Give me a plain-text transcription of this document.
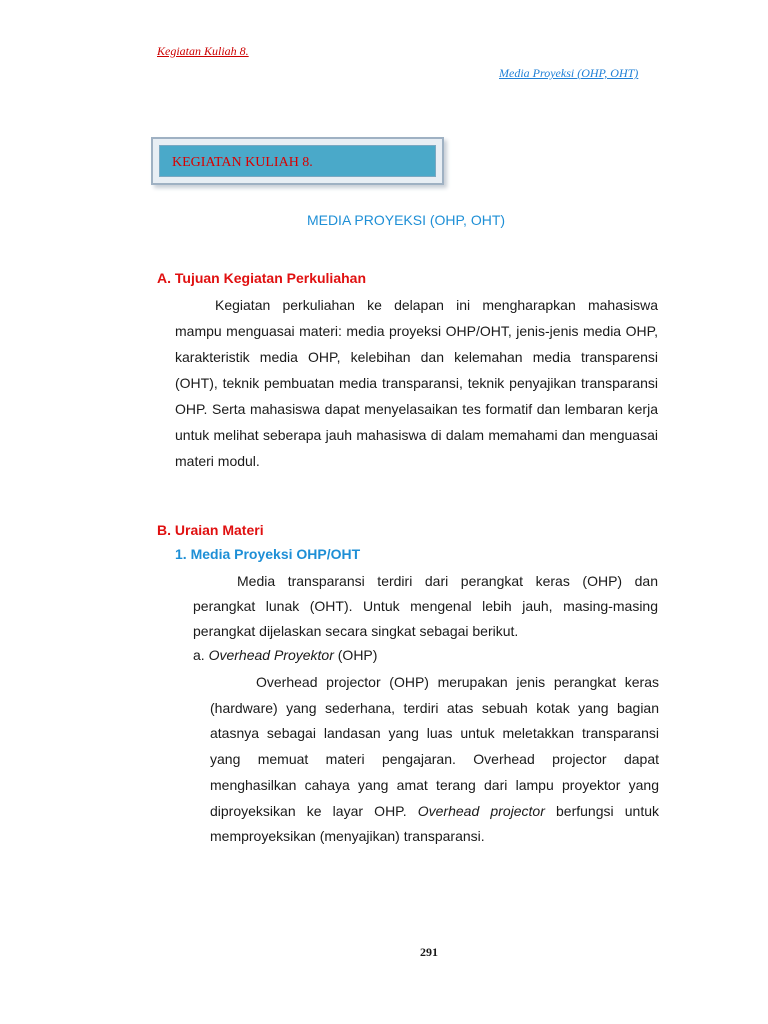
Kegiatan Kuliah 8.
Media Proyeksi (OHP, OHT)
KEGIATAN KULIAH 8.
MEDIA PROYEKSI (OHP, OHT)
A. Tujuan Kegiatan Perkuliahan

Kegiatan perkuliahan ke delapan ini mengharapkan mahasiswa mampu menguasai materi: media proyeksi OHP/OHT, jenis-jenis media OHP, karakteristik media OHP, kelebihan dan kelemahan media transparensi (OHT), teknik pembuatan media transparansi, teknik penyajikan transparansi OHP. Serta mahasiswa dapat menyelasaikan tes formatif dan lembaran kerja untuk melihat seberapa jauh mahasiswa di dalam memahami dan menguasai materi modul.

B. Uraian Materi
1. Media Proyeksi OHP/OHT

Media transparansi terdiri dari perangkat keras (OHP) dan perangkat lunak (OHT). Untuk mengenal lebih jauh, masing-masing perangkat dijelaskan secara singkat sebagai berikut.

a. Overhead Proyektor (OHP)

Overhead projector (OHP) merupakan jenis perangkat keras (hardware) yang sederhana, terdiri atas sebuah kotak yang bagian atasnya sebagai landasan yang luas untuk meletakkan transparansi yang memuat materi pengajaran. Overhead projector dapat menghasilkan cahaya yang amat terang dari lampu proyektor yang diproyeksikan ke layar OHP. Overhead projector berfungsi untuk memproyeksikan (menyajikan) transparansi.

291
